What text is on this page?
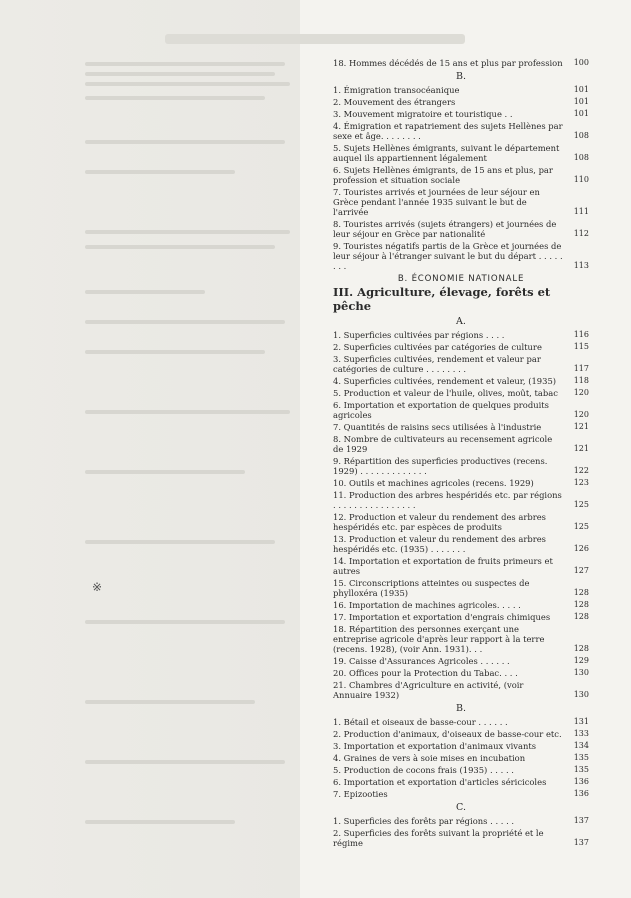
※
18. Hommes décédés de 15 ans et plus par profession	100
B.
1. Émigration transocéanique	101
2. Mouvement des étrangers	101
3. Mouvement migratoire et touristique . .	101
4. Émigration et rapatriement des sujets Hellènes par sexe et âge. . . . . . . .	108
5. Sujets Hellènes émigrants, suivant le département auquel ils appartiennent légalement	108
6. Sujets Hellènes émigrants, de 15 ans et plus, par profession et situation sociale	110
7. Touristes arrivés et journées de leur séjour en Grèce pendant l'année 1935 suivant le but de l'arrivée	111
8. Touristes arrivés (sujets étrangers) et journées de leur séjour en Grèce par nationalité	112
9. Touristes négatifs partis de la Grèce et journées de leur séjour à l'étranger suivant le but du départ . . . . . . . .	113
B. ÉCONOMIE NATIONALE
III. Agriculture, élevage, forêts et pêche
A.
1. Superficies cultivées par régions . . . .	116
2. Superficies cultivées par catégories de culture	115
3. Superficies cultivées, rendement et valeur par catégories de culture . . . . . . . .	117
4. Superficies cultivées, rendement et valeur, (1935)	118
5. Production et valeur de l'huile, olives, moût, tabac	120
6. Importation et exportation de quelques produits agricoles	120
7. Quantités de raisins secs utilisées à l'industrie	121
8. Nombre de cultivateurs au recensement agricole de 1929	121
9. Répartition des superficies productives (recens. 1929) . . . . . . . . . . . . .	122
10. Outils et machines agricoles (recens. 1929)	123
11. Production des arbres hespéridés etc. par régions . . . . . . . . . . . . . . . .	125
12. Production et valeur du rendement des arbres hespéridés etc. par espèces de produits	125
13. Production et valeur du rendement des arbres hespéridés etc. (1935) . . . . . . .	126
14. Importation et exportation de fruits primeurs et autres	127
15. Circonscriptions atteintes ou suspectes de phylloxéra (1935)	128
16. Importation de machines agricoles. . . . .	128
17. Importation et exportation d'engrais chimiques	128
18. Répartition des personnes exerçant une entreprise agricole d'après leur rapport à la terre (recens. 1928), (voir Ann. 1931). . .	128
19. Caisse d'Assurances Agricoles . . . . . .	129
20. Offices pour la Protection du Tabac. . . .	130
21. Chambres d'Agriculture en activité, (voir Annuaire 1932)	130
B.
1. Bétail et oiseaux de basse-cour . . . . . .	131
2. Production d'animaux, d'oiseaux de basse-cour etc.	133
3. Importation et exportation d'animaux vivants	134
4. Graines de vers à soie mises en incubation	135
5. Production de cocons frais (1935) . . . . .	135
6. Importation et exportation d'articles séricicoles	136
7. Epizooties	136
C.
1. Superficies des forêts par régions . . . . .	137
2. Superficies des forêts suivant la propriété et le régime	137
